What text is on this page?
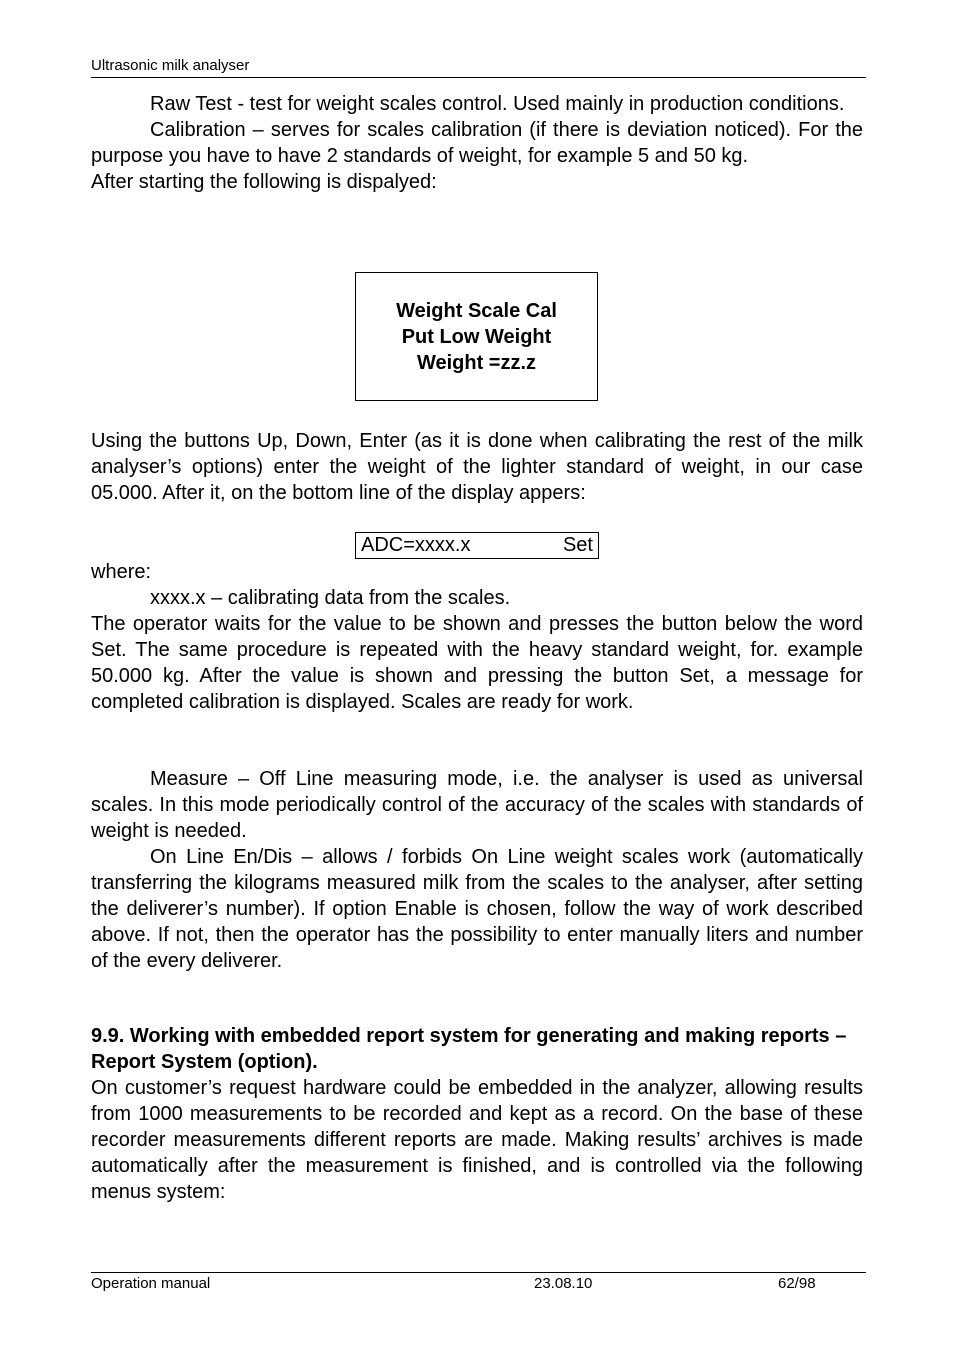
Ultrasonic milk analyser

Raw Test - test for weight scales control. Used mainly in production conditions.

Calibration – serves for scales calibration (if there is deviation noticed). For the purpose you have to have 2 standards of weight, for example 5 and 50 kg.

After starting the following is dispalyed:

Weight Scale Cal
Put Low Weight
Weight =zz.z

Using the buttons Up, Down, Enter (as it is done when calibrating the rest of the milk analyser’s options) enter the weight of the lighter standard of weight, in our case 05.000. After it, on the bottom line of the display appers:

ADC=xxxx.x	Set

where:

xxxx.x – calibrating data from the scales.

The operator waits for the value to be shown and presses the button below the word Set. The same procedure is repeated with the heavy standard weight, for. example 50.000 kg. After the value is shown and pressing the button Set, a message for completed calibration is displayed. Scales are ready for work.

Measure – Off Line measuring mode, i.e. the analyser is used as universal scales. In this mode periodically control of the accuracy of the scales with standards of weight is needed.

On Line En/Dis – allows / forbids On Line weight scales work (automatically transferring the kilograms measured milk from the scales to the analyser, after setting the deliverer’s number). If option Enable is chosen, follow the way of work described above. If not, then the operator has the possibility to enter manually liters and number of the every deliverer.

9.9. Working with embedded report system for generating and making reports – Report System (option).

On customer’s request hardware could be embedded in the analyzer, allowing results from 1000 measurements to be recorded and kept as a record. On the base of these recorder measurements different reports are made. Making results’ archives is made automatically after the measurement is finished, and is controlled via the following menus system:

Operation manual	23.08.10	62/98
